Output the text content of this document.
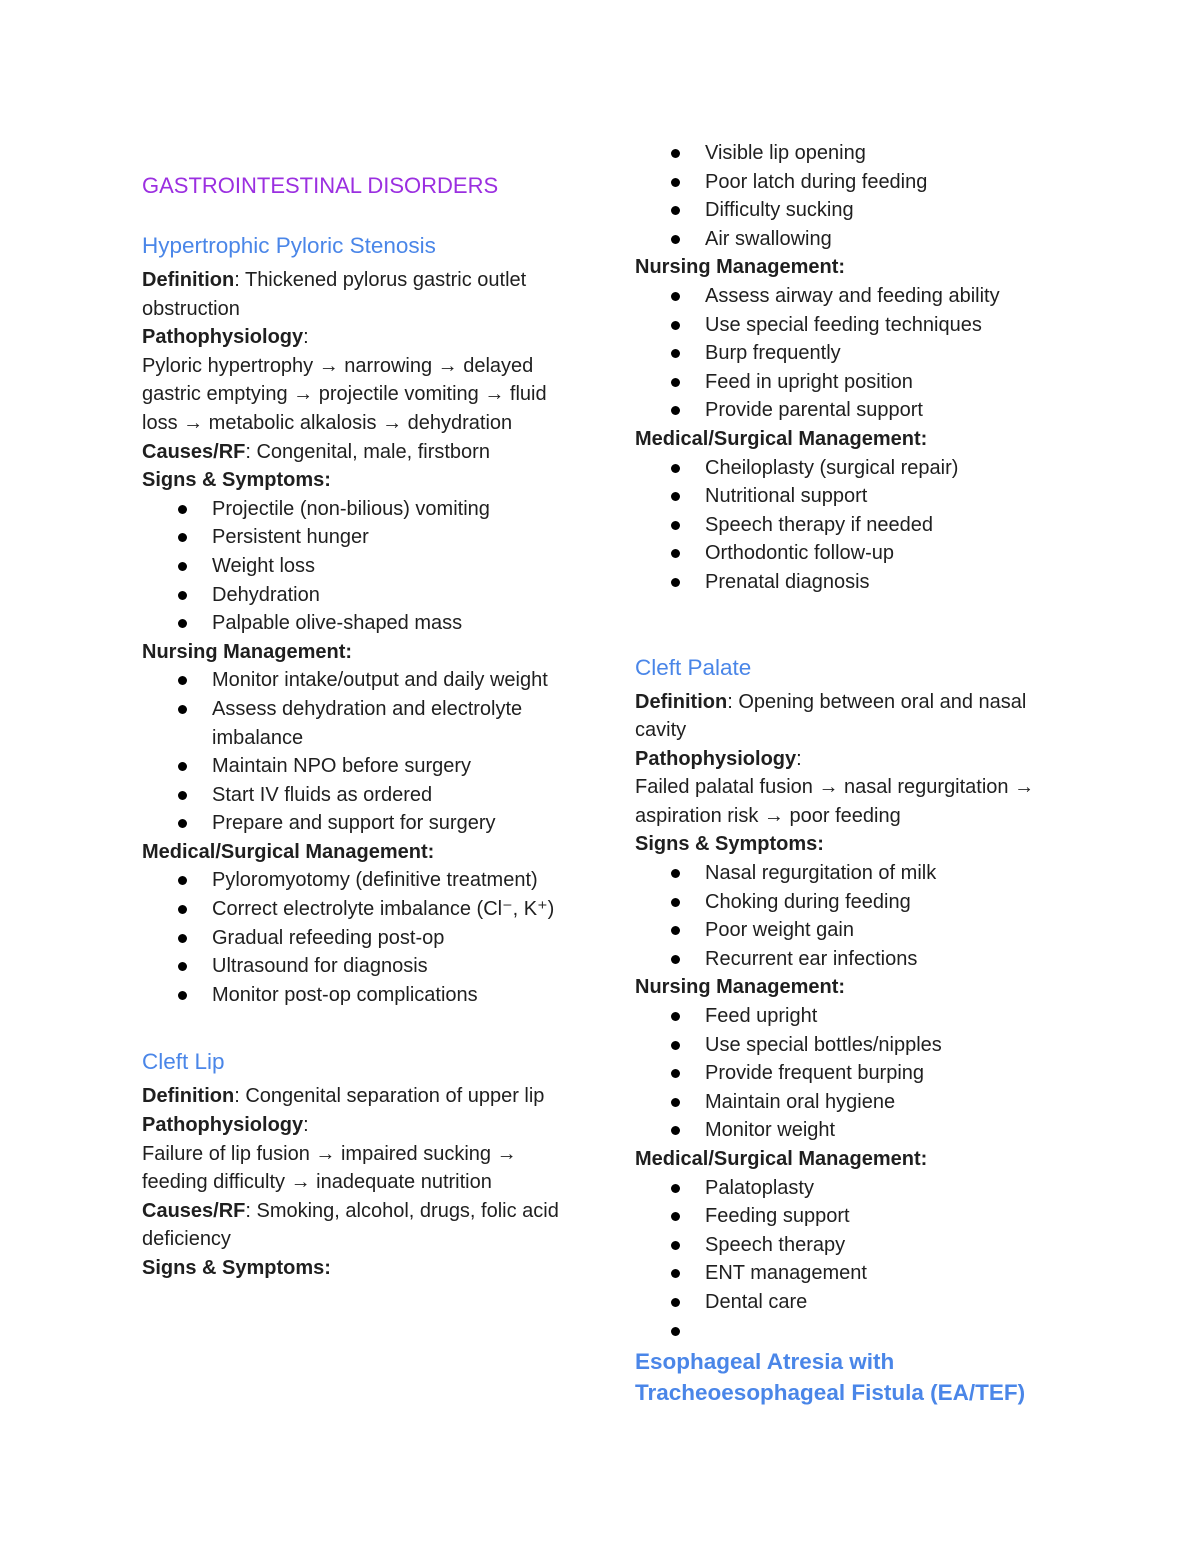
GASTROINTESTINAL DISORDERS
Hypertrophic Pyloric Stenosis

Definition: Thickened pylorus gastric outlet obstruction

Pathophysiology:

Pyloric hypertrophy → narrowing → delayed gastric emptying → projectile vomiting → fluid loss → metabolic alkalosis → dehydration

Causes/RF: Congenital, male, firstborn

Signs & Symptoms:

Projectile (non-bilious) vomiting
Persistent hunger
Weight loss
Dehydration
Palpable olive-shaped mass

Nursing Management:

Monitor intake/output and daily weight
Assess dehydration and electrolyte imbalance
Maintain NPO before surgery
Start IV fluids as ordered
Prepare and support for surgery

Medical/Surgical Management:

Pyloromyotomy (definitive treatment)
Correct electrolyte imbalance (Cl⁻, K⁺)
Gradual refeeding post-op
Ultrasound for diagnosis
Monitor post-op complications
Cleft Lip

Definition: Congenital separation of upper lip

Pathophysiology:

Failure of lip fusion → impaired sucking → feeding difficulty → inadequate nutrition

Causes/RF: Smoking, alcohol, drugs, folic acid deficiency

Signs & Symptoms:

Visible lip opening
Poor latch during feeding
Difficulty sucking
Air swallowing

Nursing Management:

Assess airway and feeding ability
Use special feeding techniques
Burp frequently
Feed in upright position
Provide parental support

Medical/Surgical Management:

Cheiloplasty (surgical repair)
Nutritional support
Speech therapy if needed
Orthodontic follow-up
Prenatal diagnosis
Cleft Palate

Definition: Opening between oral and nasal cavity

Pathophysiology:

Failed palatal fusion → nasal regurgitation → aspiration risk → poor feeding

Signs & Symptoms:

Nasal regurgitation of milk
Choking during feeding
Poor weight gain
Recurrent ear infections

Nursing Management:

Feed upright
Use special bottles/nipples
Provide frequent burping
Maintain oral hygiene
Monitor weight

Medical/Surgical Management:

Palatoplasty
Feeding support
Speech therapy
ENT management
Dental care
Esophageal Atresia with Tracheoesophageal Fistula (EA/TEF)
